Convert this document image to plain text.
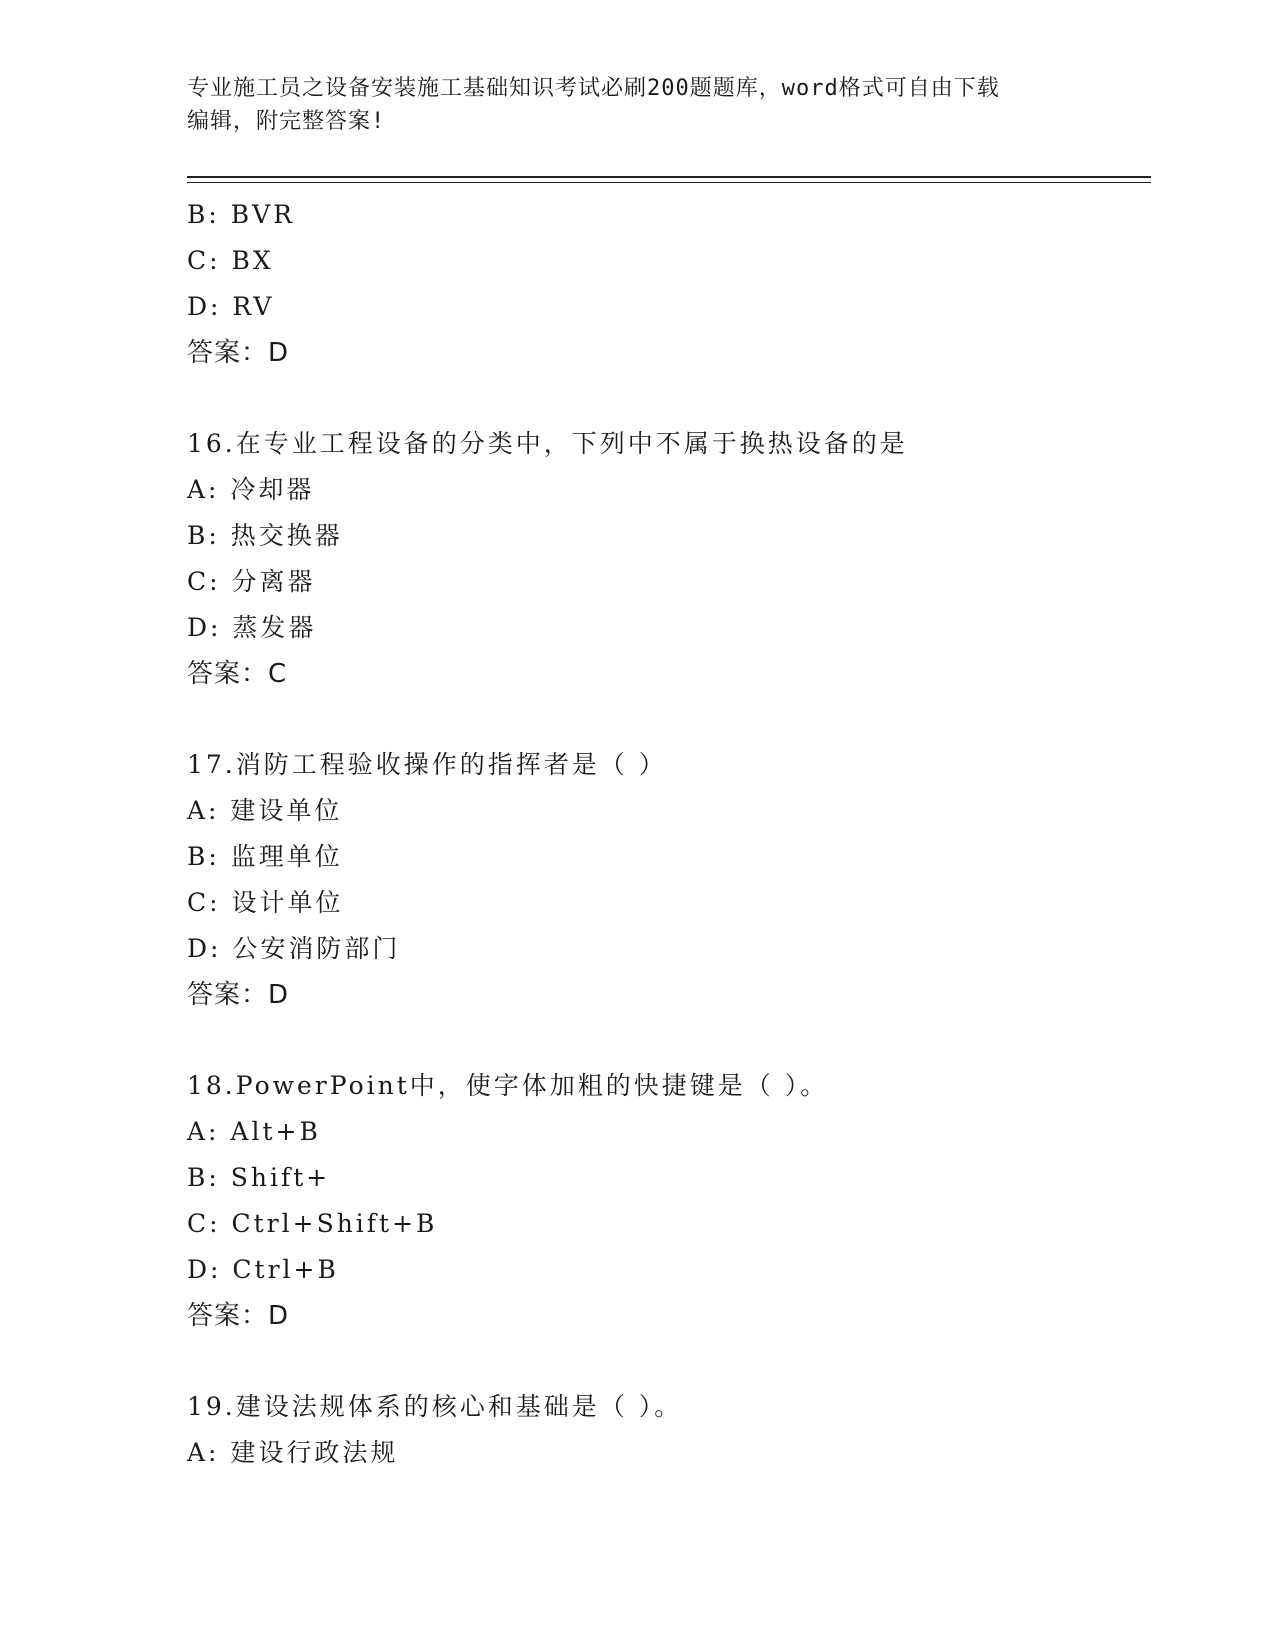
专业施工员之设备安装施工基础知识考试必刷200题题库，word格式可自由下载
编辑，附完整答案!
B: BVR
C: BX
D: RV
答案：D
16.在专业工程设备的分类中，下列中不属于换热设备的是
A: 冷却器
B: 热交换器
C: 分离器
D: 蒸发器
答案：C
17.消防工程验收操作的指挥者是（ ）
A: 建设单位
B: 监理单位
C: 设计单位
D: 公安消防部门
答案：D
18.PowerPoint中，使字体加粗的快捷键是（ ）。
A: Alt+B
B: Shift+
C: Ctrl+Shift+B
D: Ctrl+B
答案：D
19.建设法规体系的核心和基础是（ ）。
A: 建设行政法规
